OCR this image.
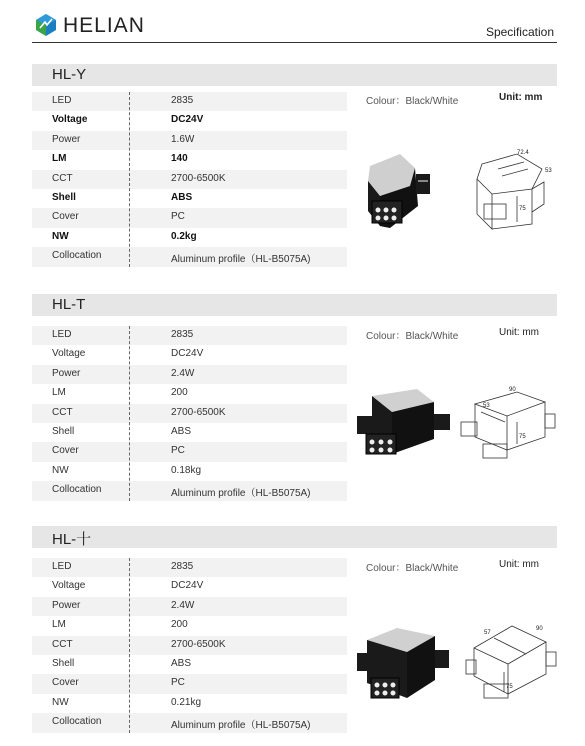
HELIAN	Specification
HL-Y
LED	2835
Voltage	DC24V
Power	1.6W
LM	140
CCT	2700-6500K
Shell	ABS
Cover	PC
NW	0.2kg
Collocation	Aluminum profile（HL-B5075A)
Colour：Black/White	Unit: mm
72.4
53
75
HL-T
LED	2835
Voltage	DC24V
Power	2.4W
LM	200
CCT	2700-6500K
Shell	ABS
Cover	PC
NW	0.18kg
Collocation	Aluminum profile（HL-B5075A)
Colour：Black/White	Unit: mm
90
53
75
HL-十
LED	2835
Voltage	DC24V
Power	2.4W
LM	200
CCT	2700-6500K
Shell	ABS
Cover	PC
NW	0.21kg
Collocation	Aluminum profile（HL-B5075A)
Colour：Black/White	Unit: mm
57
90
75
